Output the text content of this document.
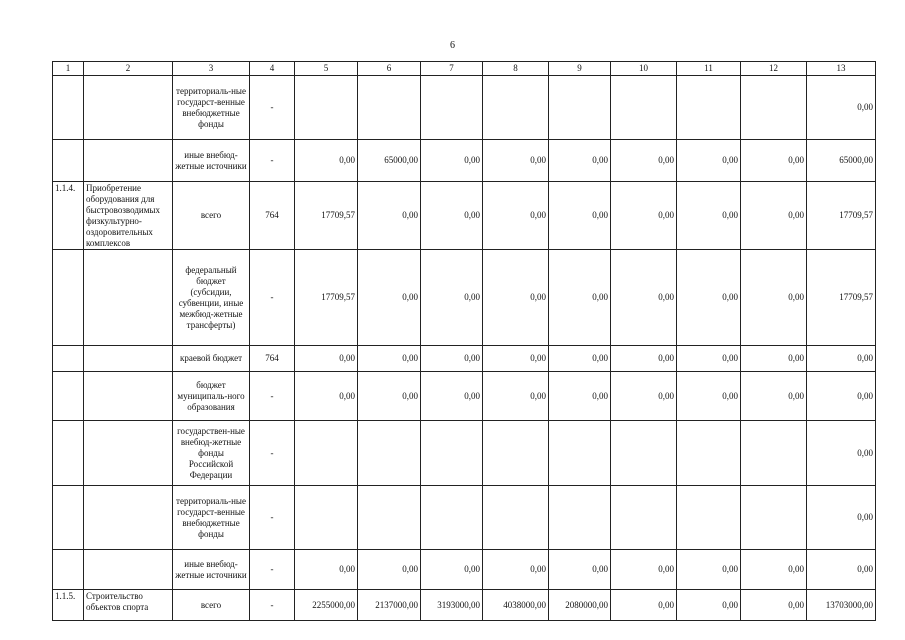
6
1	2	3	4	5	6	7	8	9	10	11	12	13
		территориаль-ные государст-венные внебюджетные фонды	-									0,00
		иные внебюд-жетные источники	-	0,00	65000,00	0,00	0,00	0,00	0,00	0,00	0,00	65000,00
1.1.4.	Приобретение оборудования для быстровозводимых физкультурно-оздоровительных комплексов	всего	764	17709,57	0,00	0,00	0,00	0,00	0,00	0,00	0,00	17709,57
		федеральный бюджет (субсидии, субвенции, иные межбюд-жетные трансферты)	-	17709,57	0,00	0,00	0,00	0,00	0,00	0,00	0,00	17709,57
		краевой бюджет	764	0,00	0,00	0,00	0,00	0,00	0,00	0,00	0,00	0,00
		бюджет муниципаль-ного образования	-	0,00	0,00	0,00	0,00	0,00	0,00	0,00	0,00	0,00
		государствен-ные внебюд-жетные фонды Российской Федерации	-									0,00
		территориаль-ные государст-венные внебюджетные фонды	-									0,00
		иные внебюд-жетные источники	-	0,00	0,00	0,00	0,00	0,00	0,00	0,00	0,00	0,00
1.1.5.	Строительство объектов спорта	всего	-	2255000,00	2137000,00	3193000,00	4038000,00	2080000,00	0,00	0,00	0,00	13703000,00
